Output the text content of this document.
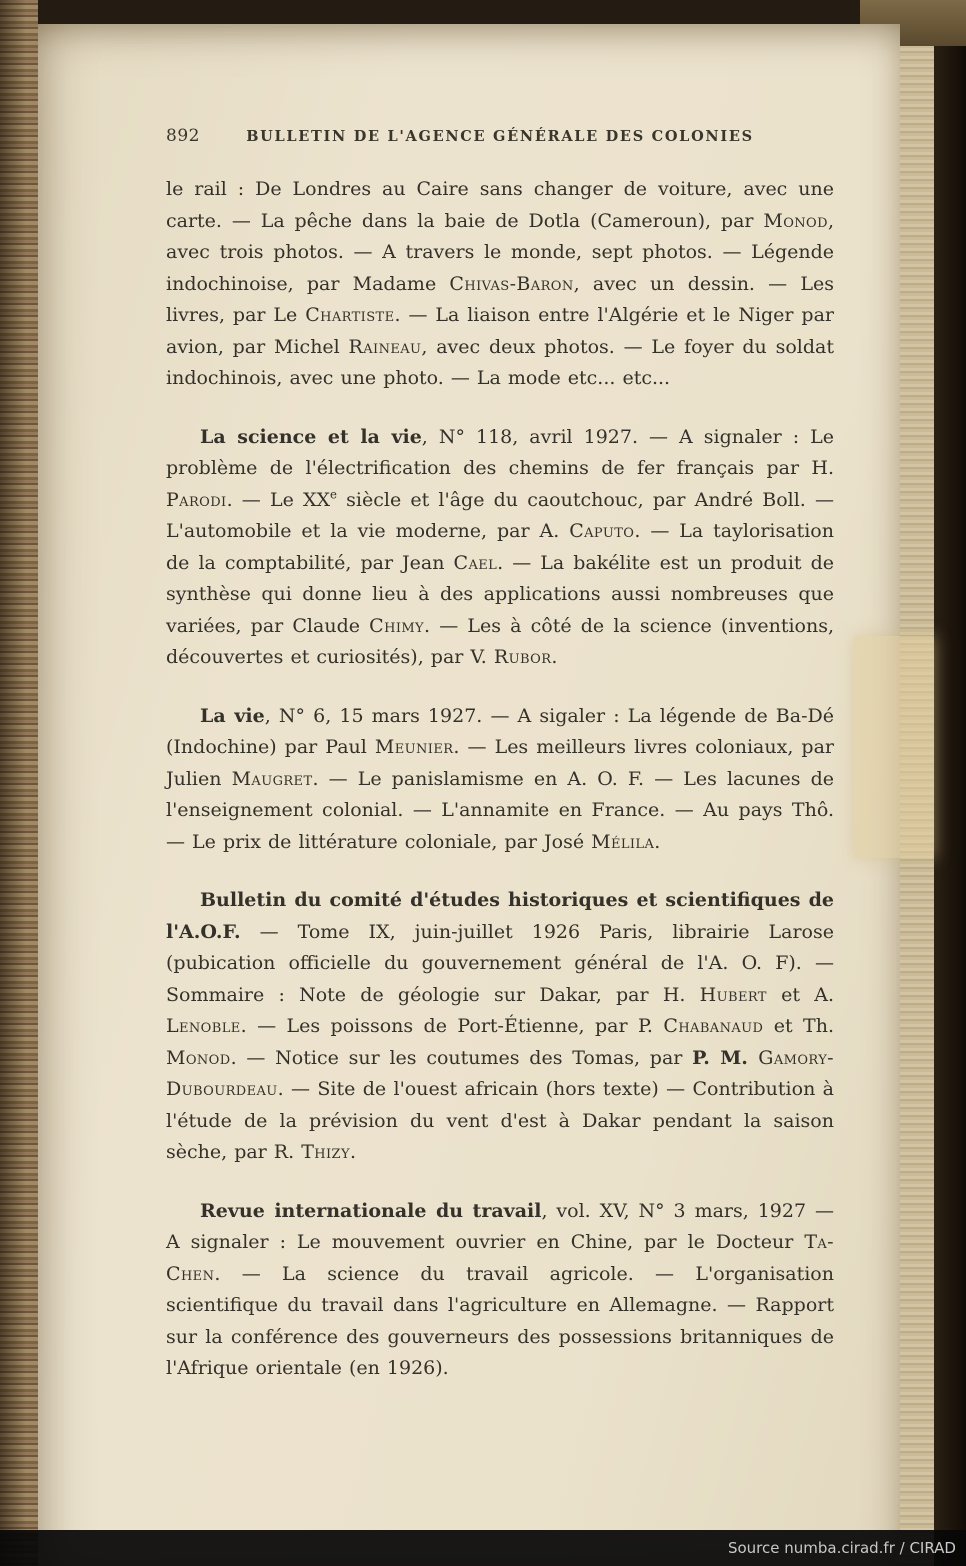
892	BULLETIN DE L'AGENCE GÉNÉRALE DES COLONIES

le rail : De Londres au Caire sans changer de voiture, avec une carte. — La pêche dans la baie de Dotla (Cameroun), par Monod, avec trois photos. — A travers le monde, sept photos. — Légende indochinoise, par Madame Chivas-Baron, avec un dessin. — Les livres, par Le Chartiste. — La liaison entre l'Algérie et le Niger par avion, par Michel Raineau, avec deux photos. — Le foyer du soldat indochinois, avec une photo. — La mode etc... etc...

La science et la vie, N° 118, avril 1927. — A signaler : Le problème de l'électrification des chemins de fer français par H. Parodi. — Le XXe siècle et l'âge du caoutchouc, par André Boll. — L'automobile et la vie moderne, par A. Caputo. — La taylorisation de la comptabilité, par Jean Cael. — La bakélite est un produit de synthèse qui donne lieu à des applications aussi nombreuses que variées, par Claude Chimy. — Les à côté de la science (inventions, découvertes et curiosités), par V. Rubor.

La vie, N° 6, 15 mars 1927. — A sigaler : La légende de Ba-Dé (Indochine) par Paul Meunier. — Les meilleurs livres coloniaux, par Julien Maugret. — Le panislamisme en A. O. F. — Les lacunes de l'enseignement colonial. — L'annamite en France. — Au pays Thô. — Le prix de littérature coloniale, par José Mélila.

Bulletin du comité d'études historiques et scientifiques de l'A.O.F. — Tome IX, juin-juillet 1926 Paris, librairie Larose (pubication officielle du gouvernement général de l'A. O. F). — Sommaire : Note de géologie sur Dakar, par H. Hubert et A. Lenoble. — Les poissons de Port-Étienne, par P. Chabanaud et Th. Monod. — Notice sur les coutumes des Tomas, par P. M. Gamory-Dubourdeau. — Site de l'ouest africain (hors texte) — Contribution à l'étude de la prévision du vent d'est à Dakar pendant la saison sèche, par R. Thizy.

Revue internationale du travail, vol. XV, N° 3 mars, 1927 — A signaler : Le mouvement ouvrier en Chine, par le Docteur Ta-Chen. — La science du travail agricole. — L'organisation scientifique du travail dans l'agriculture en Allemagne. — Rapport sur la conférence des gouverneurs des possessions britanniques de l'Afrique orientale (en 1926).

Source numba.cirad.fr / CIRAD
